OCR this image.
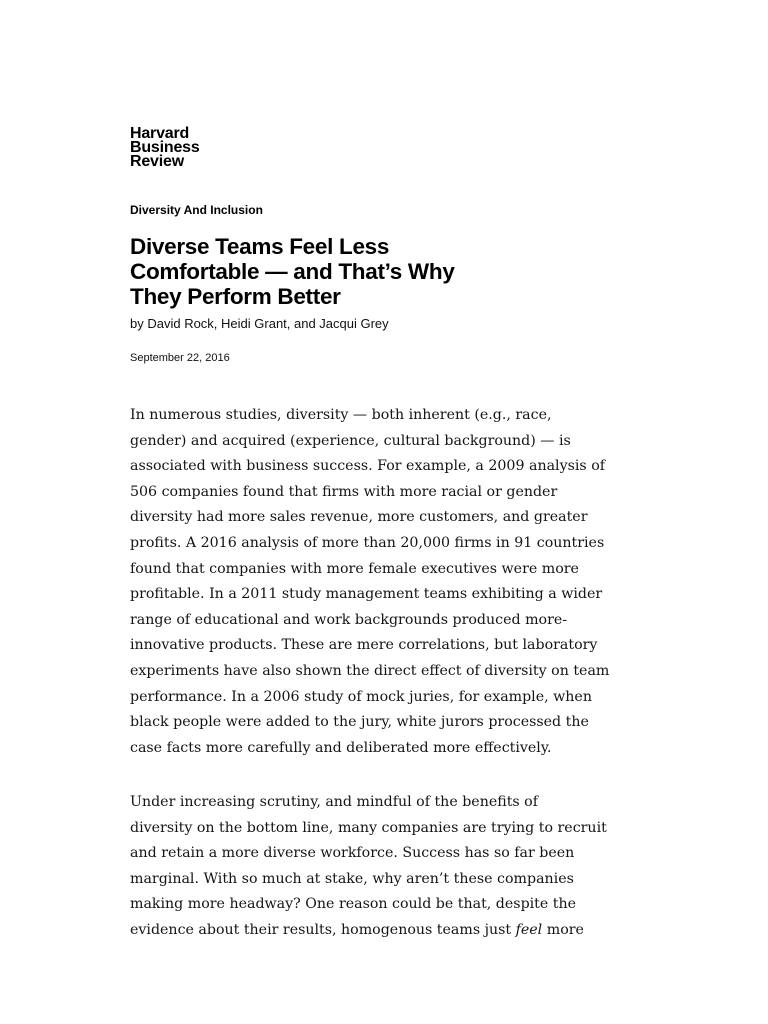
Harvard
Business
Review
Diversity And Inclusion
Diverse Teams Feel Less
Comfortable — and That’s Why
They Perform Better
by David Rock, Heidi Grant, and Jacqui Grey
September 22, 2016
In numerous studies, diversity — both inherent (e.g., race,
gender) and acquired (experience, cultural background) — is
associated with business success. For example, a 2009 analysis of
506 companies found that firms with more racial or gender
diversity had more sales revenue, more customers, and greater
profits. A 2016 analysis of more than 20,000 firms in 91 countries
found that companies with more female executives were more
profitable. In a 2011 study management teams exhibiting a wider
range of educational and work backgrounds produced more-
innovative products. These are mere correlations, but laboratory
experiments have also shown the direct effect of diversity on team
performance. In a 2006 study of mock juries, for example, when
black people were added to the jury, white jurors processed the
case facts more carefully and deliberated more effectively.
Under increasing scrutiny, and mindful of the benefits of
diversity on the bottom line, many companies are trying to recruit
and retain a more diverse workforce. Success has so far been
marginal. With so much at stake, why aren’t these companies
making more headway? One reason could be that, despite the
evidence about their results, homogenous teams just feel more
